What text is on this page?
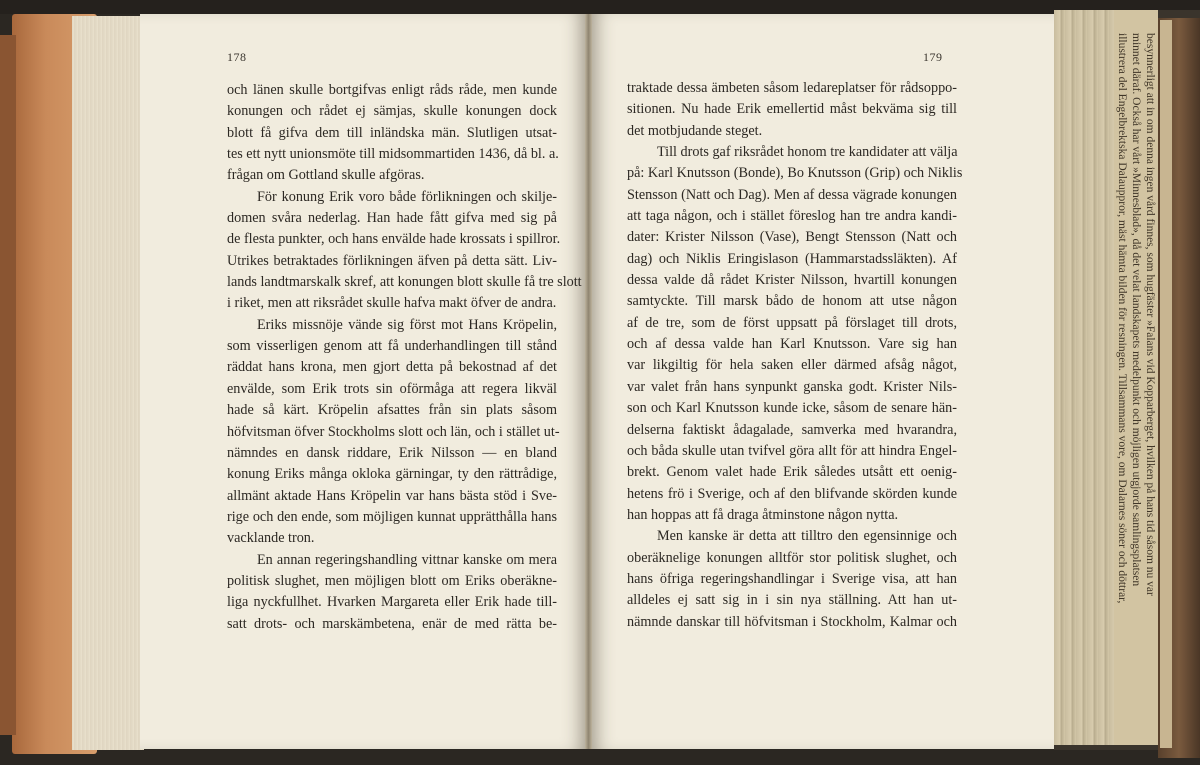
178
och länen skulle bortgifvas enligt råds råde, men kunde
konungen och rådet ej sämjas, skulle konungen dock
blott få gifva dem till inländska män. Slutligen utsat-
tes ett nytt unionsmöte till midsommartiden 1436, då bl. a.
frågan om Gottland skulle afgöras.
För konung Erik voro både förlikningen och skilje-
domen svåra nederlag. Han hade fått gifva med sig på
de flesta punkter, och hans envälde hade krossats i spillror.
Utrikes betraktades förlikningen äfven på detta sätt. Liv-
lands landtmarskalk skref, att konungen blott skulle få tre slott
i riket, men att riksrådet skulle hafva makt öfver de andra.
Eriks missnöje vände sig först mot Hans Kröpelin,
som visserligen genom att få underhandlingen till stånd
räddat hans krona, men gjort detta på bekostnad af det
envälde, som Erik trots sin oförmåga att regera likväl
hade så kärt. Kröpelin afsattes från sin plats såsom
höfvitsman öfver Stockholms slott och län, och i stället ut-
nämndes en dansk riddare, Erik Nilsson — en bland
konung Eriks många okloka gärningar, ty den rättrådige,
allmänt aktade Hans Kröpelin var hans bästa stöd i Sve-
rige och den ende, som möjligen kunnat upprätthålla hans
vacklande tron.
En annan regeringshandling vittnar kanske om mera
politisk slughet, men möjligen blott om Eriks oberäkne-
liga nyckfullhet. Hvarken Margareta eller Erik hade till-
satt drots- och marskämbetena, enär de med rätta be-
179
traktade dessa ämbeten såsom ledareplatser för rådsoppo-
sitionen. Nu hade Erik emellertid måst bekväma sig till
det motbjudande steget.
Till drots gaf riksrådet honom tre kandidater att välja
på: Karl Knutsson (Bonde), Bo Knutsson (Grip) och Niklis
Stensson (Natt och Dag). Men af dessa vägrade konungen
att taga någon, och i stället föreslog han tre andra kandi-
dater: Krister Nilsson (Vase), Bengt Stensson (Natt och
dag) och Niklis Eringislason (Hammarstadssläkten). Af
dessa valde då rådet Krister Nilsson, hvartill konungen
samtyckte. Till marsk bådo de honom att utse någon
af de tre, som de först uppsatt på förslaget till drots,
och af dessa valde han Karl Knutsson. Vare sig han
var likgiltig för hela saken eller därmed afsåg något,
var valet från hans synpunkt ganska godt. Krister Nils-
son och Karl Knutsson kunde icke, såsom de senare hän-
delserna faktiskt ådagalade, samverka med hvarandra,
och båda skulle utan tvifvel göra allt för att hindra Engel-
brekt. Genom valet hade Erik således utsått ett oenig-
hetens frö i Sverige, och af den blifvande skörden kunde
han hoppas att få draga åtminstone någon nytta.
Men kanske är detta att tilltro den egensinnige och
oberäknelige konungen alltför stor politisk slughet, och
hans öfriga regeringshandlingar i Sverige visa, att han
alldeles ej satt sig in i sin nya ställning. Att han ut-
nämnde danskar till höfvitsman i Stockholm, Kalmar och
besynnerligt att in om denna ingen vård finnes, som hugfäster »Falans vid Kopparberget, hvilken på hans tid såsom nu var
minnet däraf. Också har vårt »Minnesblad», då det velat landskapets medelpunkt och möjligen utgjorde samlingsplatsen
illustrera del Engelbrektska Dalauppror, mäst hämta bilden för resningen. Tillsammans vore, om Dalarnes söner och döttrar,
